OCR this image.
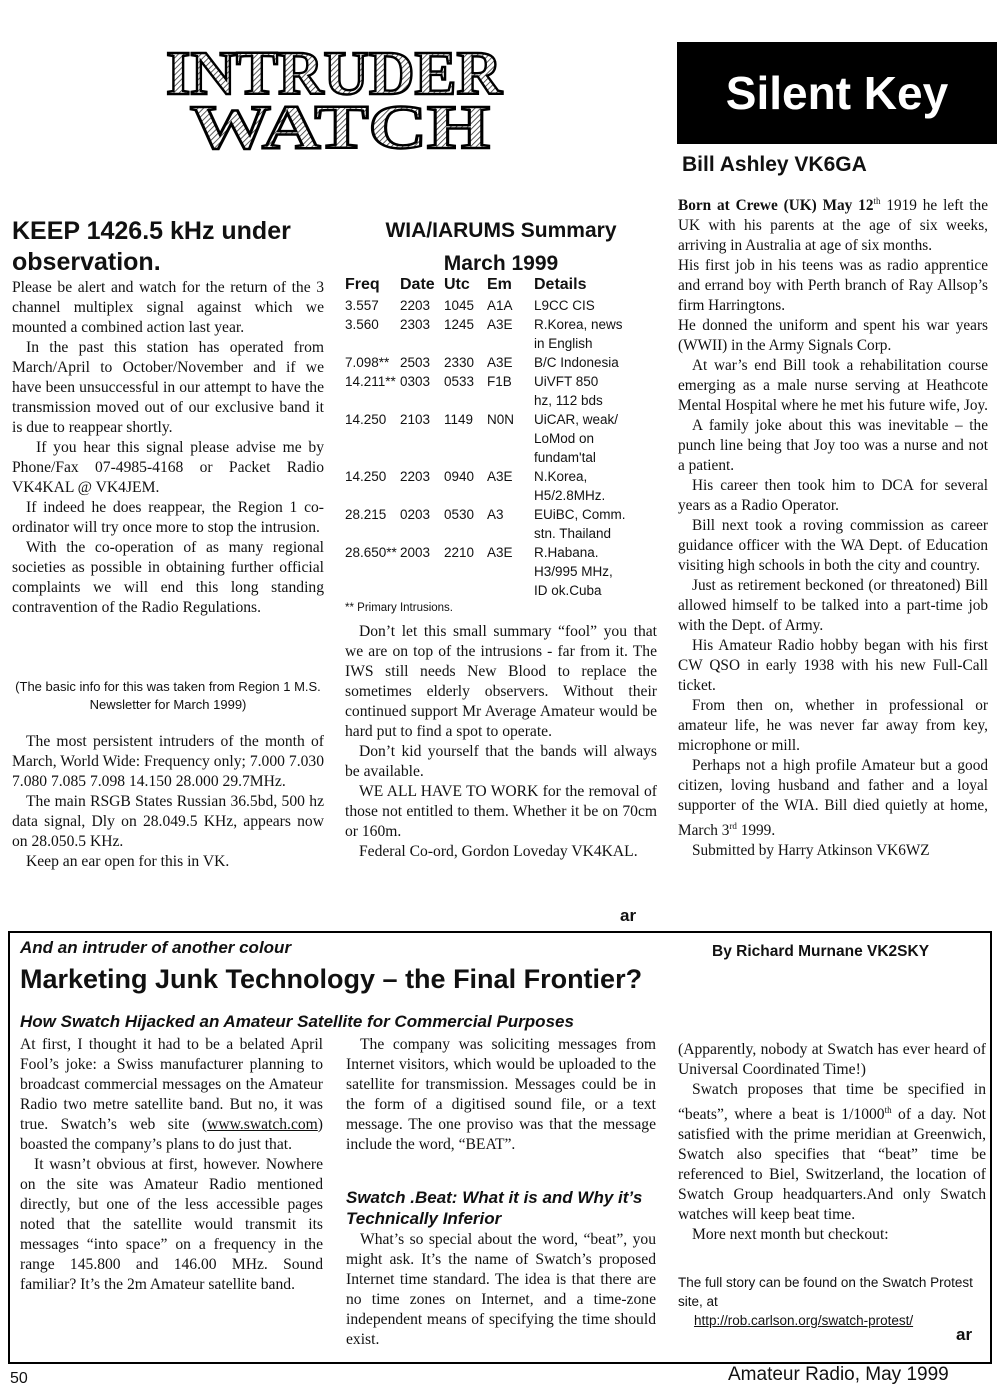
INTRUDER
WATCH
Silent Key
Bill Ashley VK6GA
KEEP 1426.5 kHz under observation.

Please be alert and watch for the return of the 3 channel multiplex signal against which we mounted a combined action last year.

In the past this station has operated from March/April to October/November and if we have been unsuccessful in our attempt to have the transmission moved out of our exclusive band it is due to reappear shortly.

If you hear this signal please advise me by Phone/Fax 07-4985-4168 or Packet Radio VK4KAL @ VK4JEM.

If indeed he does reappear, the Region 1 co-ordinator will try once more to stop the intrusion.

With the co-operation of as many regional societies as possible in obtaining further official complaints we will end this long standing contravention of the Radio Regulations.

(The basic info for this was taken from Region 1 M.S. Newsletter for March 1999)

The most persistent intruders of the month of March, World Wide: Frequency only; 7.000 7.030 7.080 7.085 7.098 14.150 28.000 29.7MHz.

The main RSGB States Russian 36.5bd, 500 hz data signal, Dly on 28.049.5 KHz, appears now on 28.050.5 KHz.

Keep an ear open for this in VK.

WIA/IARUMS Summary
March 1999
Freq	Date Utc	Em	Details
3.557	2203	1045 A1A	L9CC CIS
3.560	2303	1245 A3E	R.Korea, news
in English
7.098** 2503	2330 A3E	B/C Indonesia
14.211** 0303	0533 F1B	UiVFT 850
hz, 112 bds
14.250	2103	1149	N0N	UiCAR, weak/
LoMod on
fundam'tal
14.250	2203	0940 A3E	N.Korea,
H5/2.8MHz.
28.215	0203	0530 A3	EUiBC, Comm.
stn. Thailand
28.650** 2003	2210 A3E	R.Habana.
H3/995 MHz,
ID ok.Cuba
** Primary Intrusions.

Don’t let this small summary “fool” you that we are on top of the intrusions - far from it. The IWS still needs New Blood to replace the sometimes elderly observers. Without their continued support Mr Average Amateur would be hard put to find a spot to operate.

Don’t kid yourself that the bands will always be available.

WE ALL HAVE TO WORK for the removal of those not entitled to them. Whether it be on 70cm or 160m.

Federal Co-ord, Gordon Loveday VK4KAL.

ar

Born at Crewe (UK) May 12th 1919 he left the UK with his parents at the age of six weeks, arriving in Australia at age of six months.

His first job in his teens was as radio apprentice and errand boy with Perth branch of Ray Allsop’s firm Harringtons.

He donned the uniform and spent his war years (WWII) in the Army Signals Corp.

At war’s end Bill took a rehabilitation course emerging as a male nurse serving at Heathcote Mental Hospital where he met his future wife, Joy.

A family joke about this was inevitable – the punch line being that Joy too was a nurse and not a patient.

His career then took him to DCA for several years as a Radio Operator.

Bill next took a roving commission as career guidance officer with the WA Dept. of Education visiting high schools in both the city and country.

Just as retirement beckoned (or threatoned) Bill allowed himself to be talked into a part-time job with the Dept. of Army.

His Amateur Radio hobby began with his first CW QSO in early 1938 with his new Full-Call ticket.

From then on, whether in professional or amateur life, he was never far away from key, microphone or mill.

Perhaps not a high profile Amateur but a good citizen, loving husband and father and a loyal supporter of the WIA. Bill died quietly at home, March 3rd 1999.

Submitted by Harry Atkinson VK6WZ

And an intruder of another colour	By Richard Murnane VK2SKY
Marketing Junk Technology – the Final Frontier?
How Swatch Hijacked an Amateur Satellite for Commercial Purposes

At first, I thought it had to be a belated April Fool’s joke: a Swiss manufacturer planning to broadcast commercial messages on the Amateur Radio two metre satellite band. But no, it was true. Swatch’s web site (www.swatch.com) boasted the company’s plans to do just that.

It wasn’t obvious at first, however. Nowhere on the site was Amateur Radio mentioned directly, but one of the less accessible pages noted that the satellite would transmit its messages “into space” on a frequency in the range 145.800 and 146.00 MHz. Sound familiar? It’s the 2m Amateur satellite band.

The company was soliciting messages from Internet visitors, which would be uploaded to the satellite for transmission. Messages could be in the form of a digitised sound file, or a text message. The one proviso was that the message include the word, “BEAT”.

Swatch .Beat: What it is and Why it’s Technically Inferior

What’s so special about the word, “beat”, you might ask. It’s the name of Swatch’s proposed Internet time standard. The idea is that there are no time zones on Internet, and a time-zone independent means of specifying the time should exist.

(Apparently, nobody at Swatch has ever heard of Universal Coordinated Time!)

Swatch proposes that time be specified in “beats”, where a beat is 1/1000th of a day. Not satisfied with the prime meridian at Greenwich, Swatch also specifies that “beat” time be referenced to Biel, Switzerland, the location of Swatch Group headquarters.And only Swatch watches will keep beat time.

More next month but checkout:

The full story can be found on the Swatch Protest site, at
http://rob.carlson.org/swatch-protest/
ar
50	Amateur Radio, May 1999
